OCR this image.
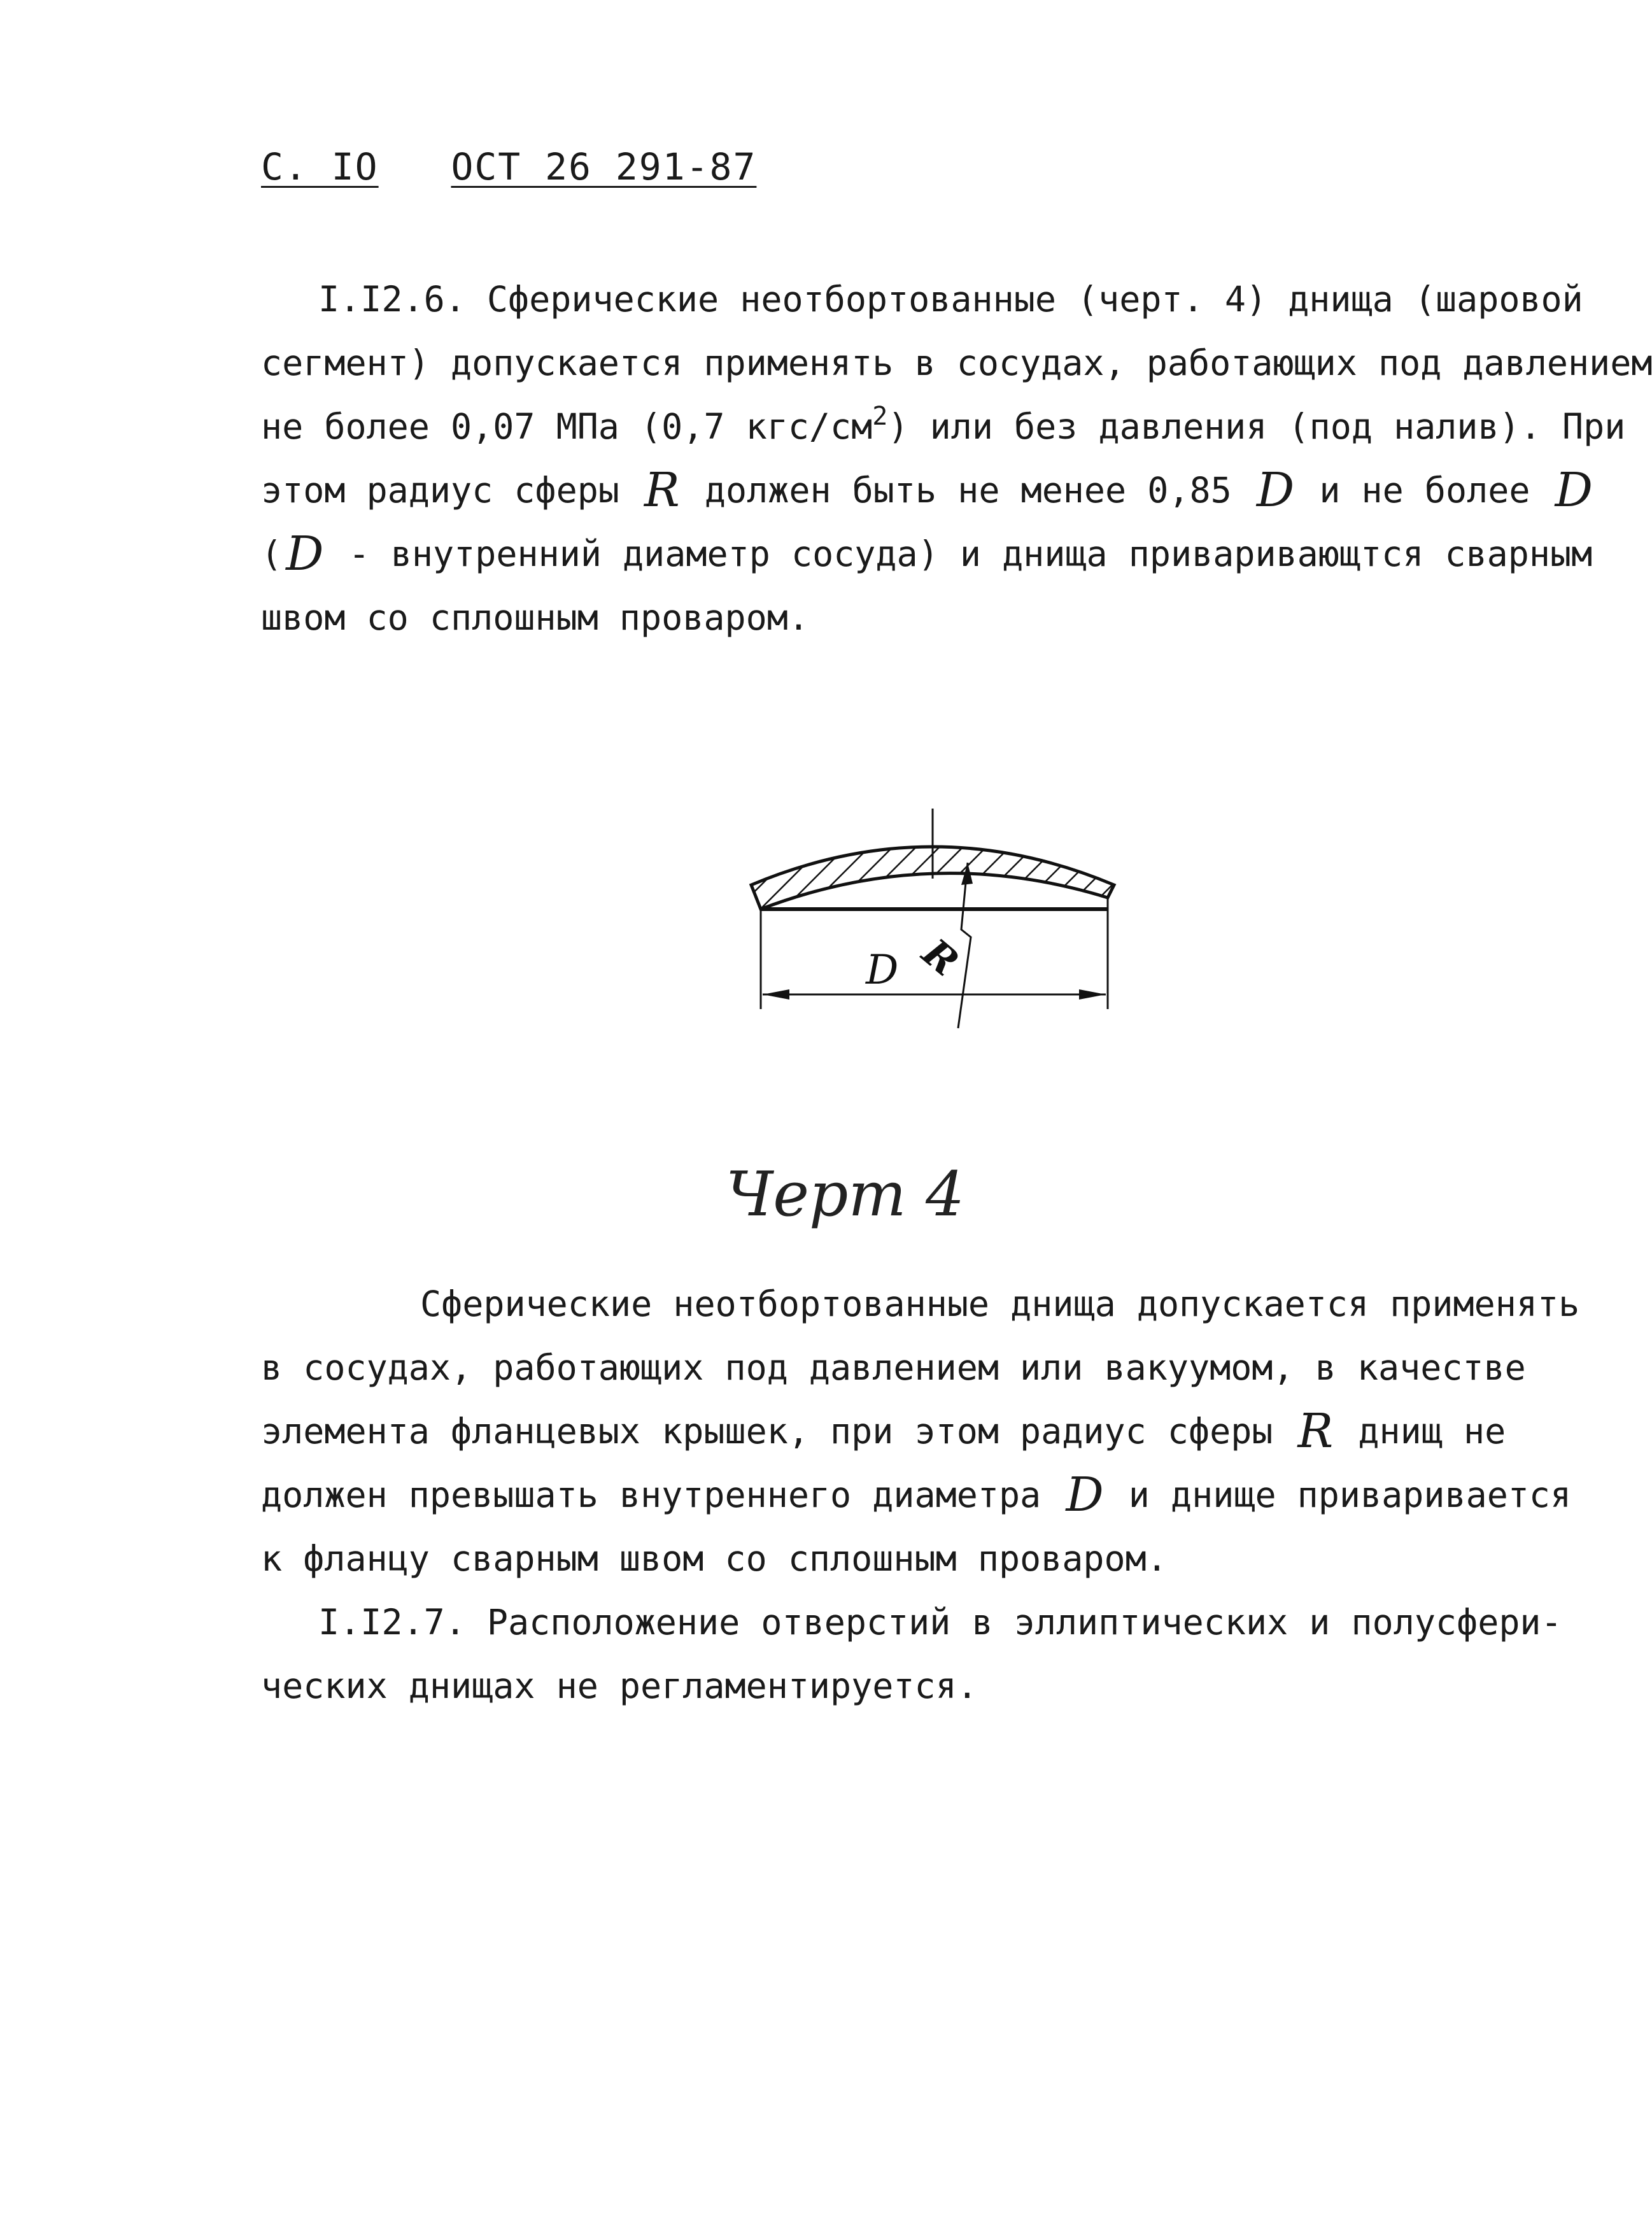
С. IO ОСТ 26 291-87
I.I2.6. Сферические неотбортованные (черт. 4) днища (шаровой
сегмент) допускается применять в сосудах, работающих под давлением
не более 0,07 МПа (0,7 кгс/$см^2$) или без давления (под налив). При
этом радиус сферы R должен быть не менее 0,85 D и не более D
(D - внутренний диаметр сосуда) и днища приваривающтся сварным
швом со сплошным проваром.
D R
Черт 4
Сферические неотбортованные днища допускается применять
в сосудах, работающих под давлением или вакуумом, в качестве
элемента фланцевых крышек, при этом радиус сферы R днищ не
должен превышать внутреннего диаметра D и днище приваривается
к фланцу сварным швом со сплошным проваром.
I.I2.7. Расположение отверстий в эллиптических и полусфери-
ческих днищах не регламентируется.
